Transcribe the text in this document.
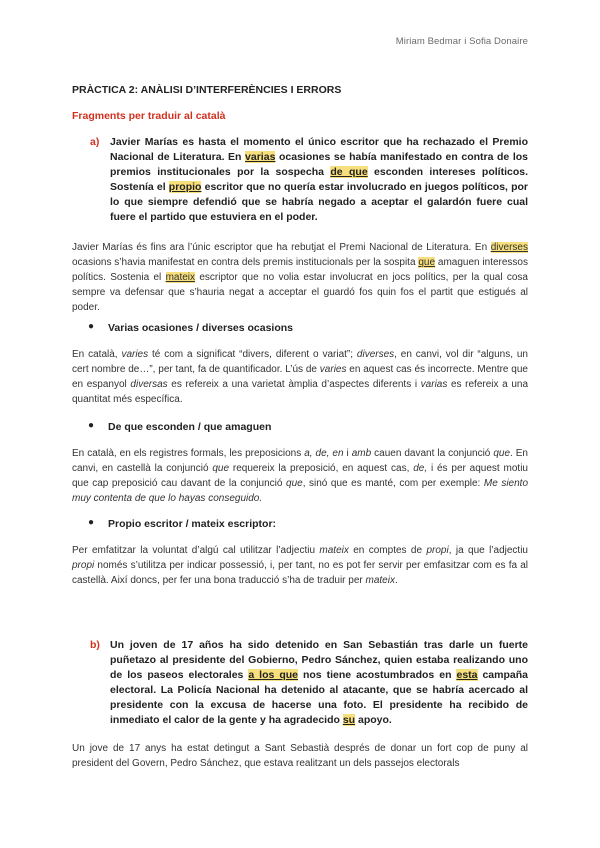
Miriam Bedmar i Sofia Donaire
PRÀCTICA 2: ANÀLISI D’INTERFERÈNCIES I ERRORS
Fragments per traduir al català
a) Javier Marías es hasta el momento el único escritor que ha rechazado el Premio Nacional de Literatura. En varias ocasiones se había manifestado en contra de los premios institucionales por la sospecha de que esconden intereses políticos. Sostenía el propio escritor que no quería estar involucrado en juegos políticos, por lo que siempre defendió que se habría negado a aceptar el galardón fuere cual fuere el partido que estuviera en el poder.

Javier Marías és fins ara l’únic escriptor que ha rebutjat el Premi Nacional de Literatura. En diverses ocasions s’havia manifestat en contra dels premis institucionals per la sospita que amaguen interessos polítics. Sostenia el mateix escriptor que no volia estar involucrat en jocs polítics, per la qual cosa sempre va defensar que s’hauria negat a acceptar el guardó fos quin fos el partit que estigués al poder.
● Varias ocasiones / diverses ocasions
En català, varies té com a significat “divers, diferent o variat”; diverses, en canvi, vol dir “alguns, un cert nombre de…”, per tant, fa de quantificador. L’ús de varies en aquest cas és incorrecte. Mentre que en espanyol diversas es refereix a una varietat àmplia d’aspectes diferents i varias es refereix a una quantitat més específica.
● De que esconden / que amaguen
En català, en els registres formals, les preposicions a, de, en i amb cauen davant la conjunció que. En canvi, en castellà la conjunció que requereix la preposició, en aquest cas, de, i és per aquest motiu que cap preposició cau davant de la conjunció que, sinó que es manté, com per exemple: Me siento muy contenta de que lo hayas conseguido.
● Propio escritor / mateix escriptor:
Per emfatitzar la voluntat d’algú cal utilitzar l’adjectiu mateix en comptes de propi, ja que l’adjectiu propi només s’utilitza per indicar possessió, i, per tant, no es pot fer servir per emfasitzar com es fa al castellà. Així doncs, per fer una bona traducció s’ha de traduir per mateix.
b) Un joven de 17 años ha sido detenido en San Sebastián tras darle un fuerte puñetazo al presidente del Gobierno, Pedro Sánchez, quien estaba realizando uno de los paseos electorales a los que nos tiene acostumbrados en esta campaña electoral. La Policía Nacional ha detenido al atacante, que se habría acercado al presidente con la excusa de hacerse una foto. El presidente ha recibido de inmediato el calor de la gente y ha agradecido su apoyo.

Un jove de 17 anys ha estat detingut a Sant Sebastià després de donar un fort cop de puny al president del Govern, Pedro Sánchez, que estava realitzant un dels passejos electorals
